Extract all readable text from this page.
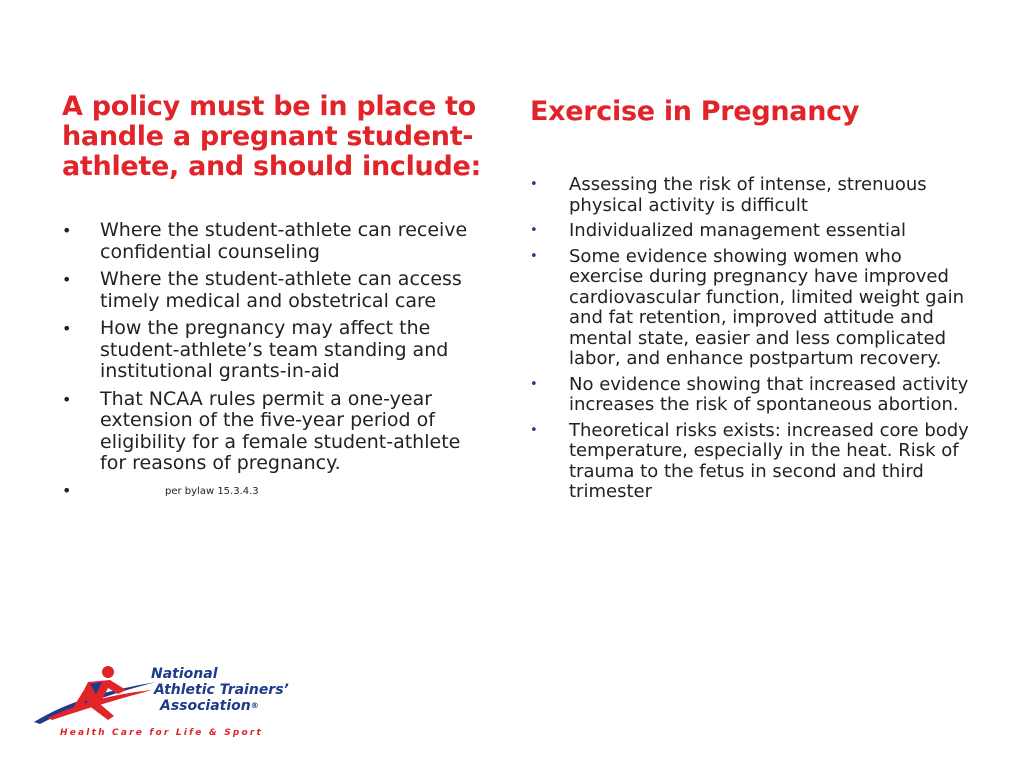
A policy must be in place to handle a pregnant student-athlete, and should include:
• Where the student-athlete can receive confidential counseling
• Where the student-athlete can access timely medical and obstetrical care
• How the pregnancy may affect the student-athlete’s team standing and institutional grants-in-aid
• That NCAA rules permit a one-year extension of the five-year period of eligibility for a female student-athlete for reasons of pregnancy.
•	per bylaw 15.3.4.3
Exercise in Pregnancy
• Assessing the risk of intense, strenuous physical activity is difficult
• Individualized management essential
• Some evidence showing women who exercise during pregnancy have improved cardiovascular function, limited weight gain and fat retention, improved attitude and mental state, easier and less complicated labor, and enhance postpartum recovery.
• No evidence showing that increased activity increases the risk of spontaneous abortion.
• Theoretical risks exists: increased core body temperature, especially in the heat. Risk of trauma to the fetus in second and third trimester
National
Athletic Trainers’
Association®
Health Care for Life & Sport
